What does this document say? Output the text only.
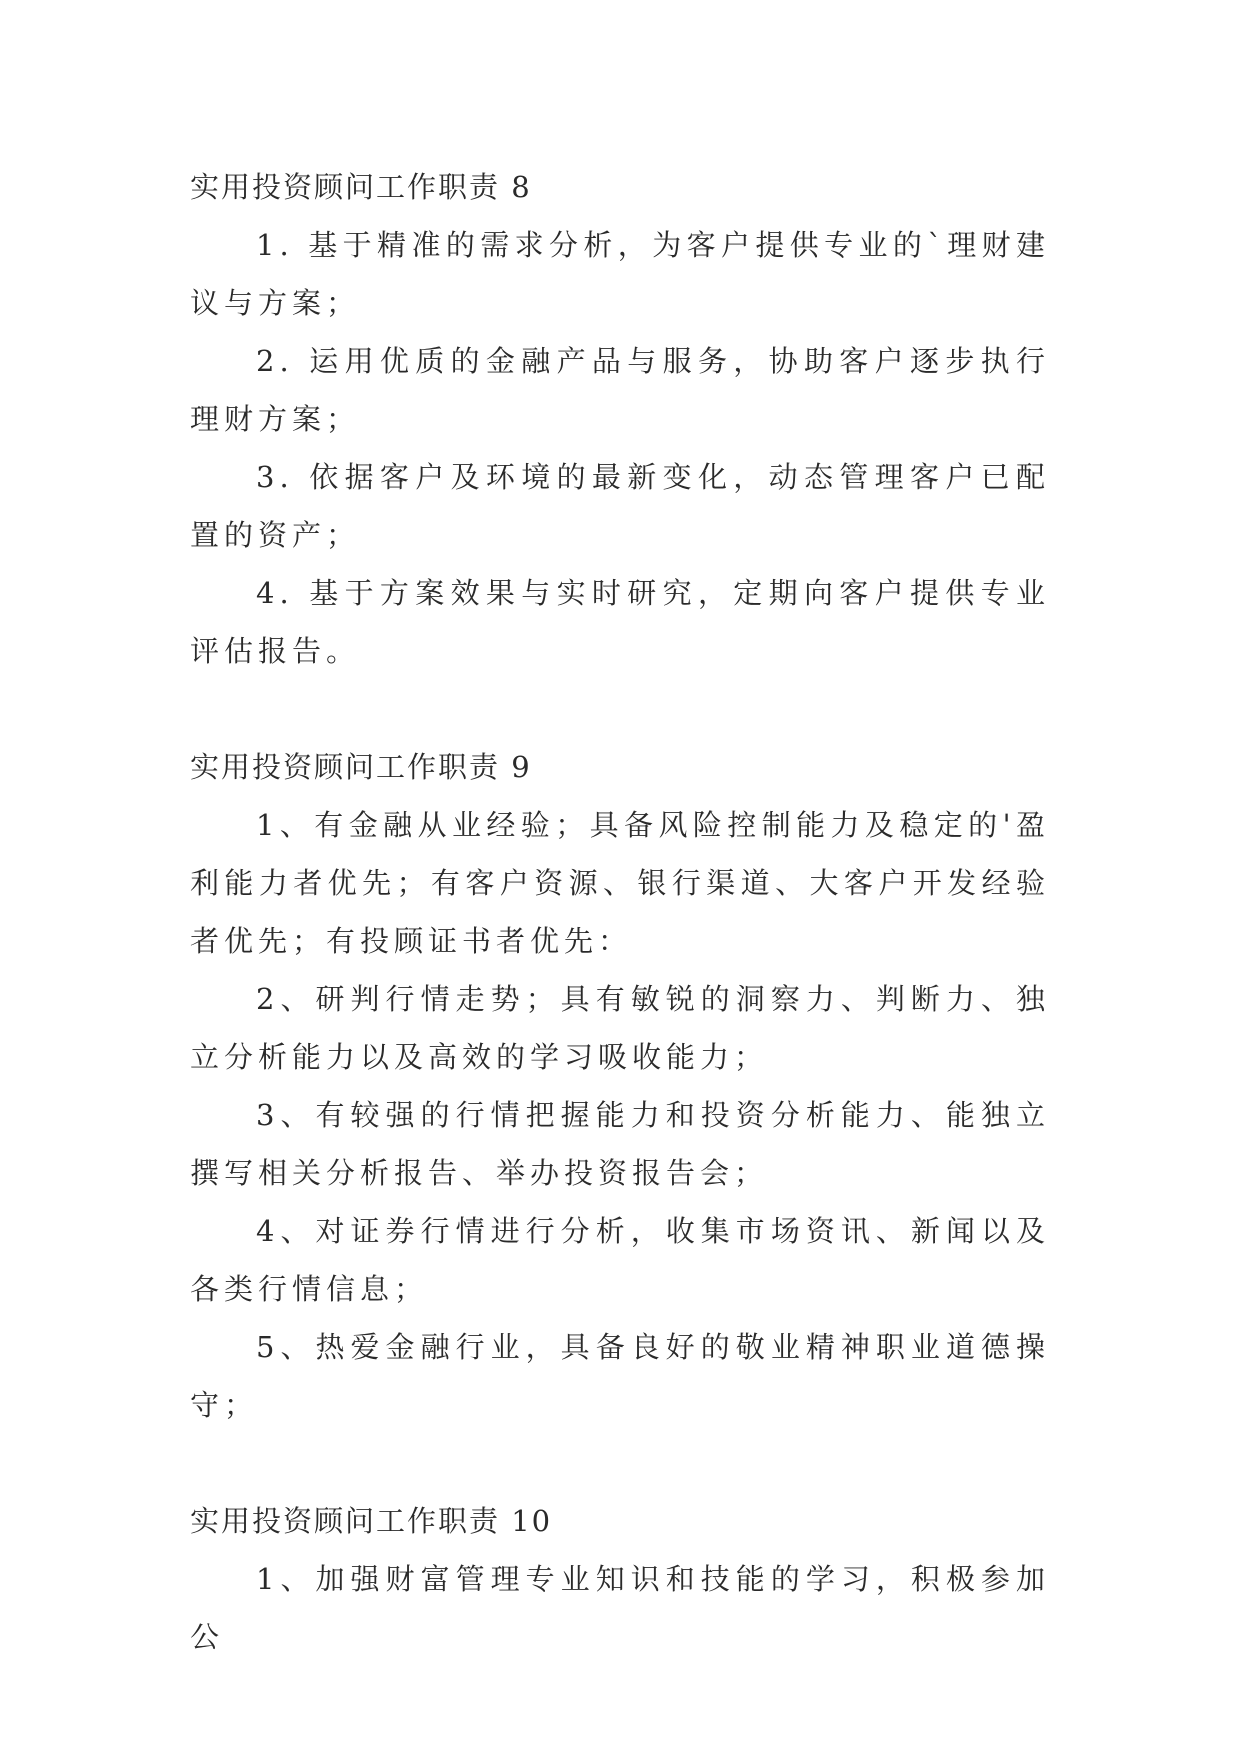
实用投资顾问工作职责 8

1. 基于精准的需求分析，为客户提供专业的`理财建议与方案；

2. 运用优质的金融产品与服务，协助客户逐步执行理财方案；

3. 依据客户及环境的最新变化，动态管理客户已配置的资产；

4. 基于方案效果与实时研究，定期向客户提供专业评估报告。

实用投资顾问工作职责 9

1、有金融从业经验；具备风险控制能力及稳定的'盈利能力者优先；有客户资源、银行渠道、大客户开发经验者优先；有投顾证书者优先：

2、研判行情走势；具有敏锐的洞察力、判断力、独立分析能力以及高效的学习吸收能力；

3、有较强的行情把握能力和投资分析能力、能独立撰写相关分析报告、举办投资报告会；

4、对证券行情进行分析，收集市场资讯、新闻以及各类行情信息；

5、热爱金融行业，具备良好的敬业精神职业道德操守；

实用投资顾问工作职责 10

1、加强财富管理专业知识和技能的学习，积极参加公
